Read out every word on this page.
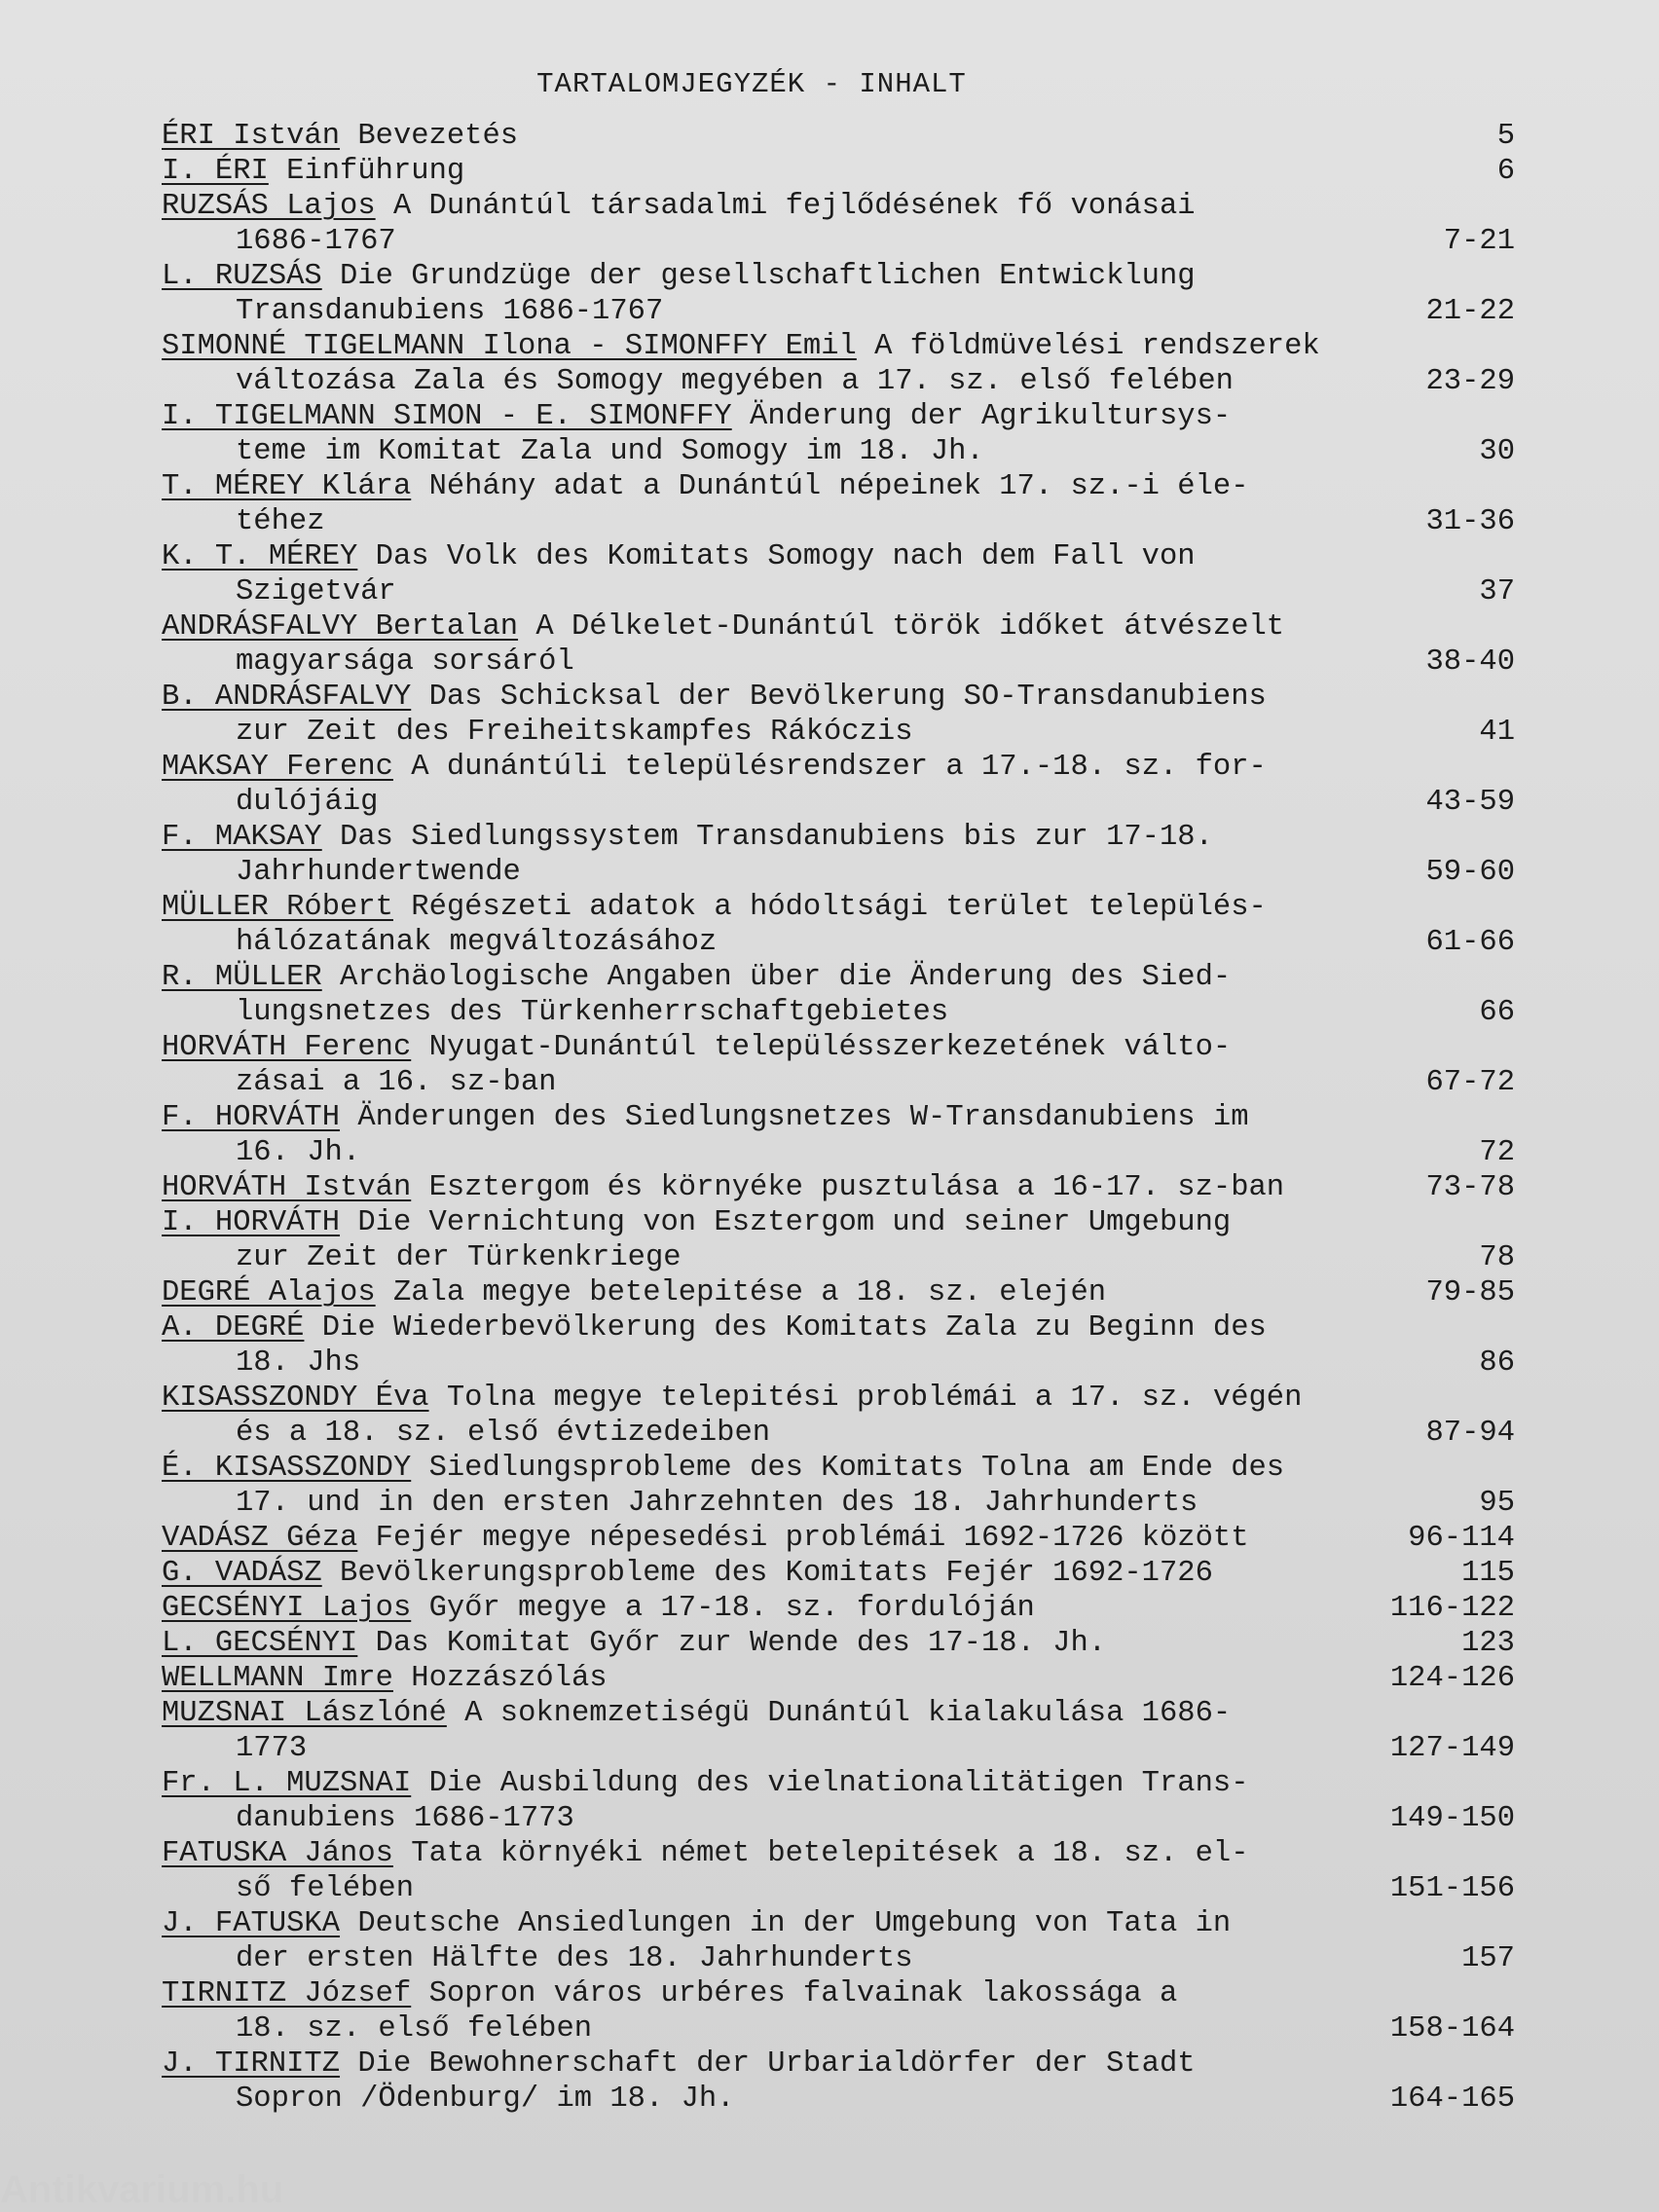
TARTALOMJEGYZÉK - INHALT
ÉRI István Bevezetés	5
I. ÉRI Einführung	6
RUZSÁS Lajos A Dunántúl társadalmi fejlődésének fő vonásai
1686-1767	7-21
L. RUZSÁS Die Grundzüge der gesellschaftlichen Entwicklung
Transdanubiens 1686-1767	21-22
SIMONNÉ TIGELMANN Ilona - SIMONFFY Emil A földmüvelési rendszerek
változása Zala és Somogy megyében a 17. sz. első felében	23-29
I. TIGELMANN SIMON - E. SIMONFFY Änderung der Agrikultursys-
teme im Komitat Zala und Somogy im 18. Jh.	30
T. MÉREY Klára Néhány adat a Dunántúl népeinek 17. sz.-i éle-
téhez	31-36
K. T. MÉREY Das Volk des Komitats Somogy nach dem Fall von
Szigetvár	37
ANDRÁSFALVY Bertalan A Délkelet-Dunántúl török időket átvészelt
magyarsága sorsáról	38-40
B. ANDRÁSFALVY Das Schicksal der Bevölkerung SO-Transdanubiens
zur Zeit des Freiheitskampfes Rákóczis	41
MAKSAY Ferenc A dunántúli településrendszer a 17.-18. sz. for-
dulójáig	43-59
F. MAKSAY Das Siedlungssystem Transdanubiens bis zur 17-18.
Jahrhundertwende	59-60
MÜLLER Róbert Régészeti adatok a hódoltsági terület település-
hálózatának megváltozásához	61-66
R. MÜLLER Archäologische Angaben über die Änderung des Sied-
lungsnetzes des Türkenherrschaftgebietes	66
HORVÁTH Ferenc Nyugat-Dunántúl településszerkezetének válto-
zásai a 16. sz-ban	67-72
F. HORVÁTH Änderungen des Siedlungsnetzes W-Transdanubiens im
16. Jh.	72
HORVÁTH István Esztergom és környéke pusztulása a 16-17. sz-ban	73-78
I. HORVÁTH Die Vernichtung von Esztergom und seiner Umgebung
zur Zeit der Türkenkriege	78
DEGRÉ Alajos Zala megye betelepitése a 18. sz. elején	79-85
A. DEGRÉ Die Wiederbevölkerung des Komitats Zala zu Beginn des
18. Jhs	86
KISASSZONDY Éva Tolna megye telepitési problémái a 17. sz. végén
és a 18. sz. első évtizedeiben	87-94
É. KISASSZONDY Siedlungsprobleme des Komitats Tolna am Ende des
17. und in den ersten Jahrzehnten des 18. Jahrhunderts	95
VADÁSZ Géza Fejér megye népesedési problémái 1692-1726 között	96-114
G. VADÁSZ Bevölkerungsprobleme des Komitats Fejér 1692-1726	115
GECSÉNYI Lajos Győr megye a 17-18. sz. fordulóján	116-122
L. GECSÉNYI Das Komitat Győr zur Wende des 17-18. Jh.	123
WELLMANN Imre Hozzászólás	124-126
MUZSNAI Lászlóné A soknemzetiségü Dunántúl kialakulása 1686-
1773	127-149
Fr. L. MUZSNAI Die Ausbildung des vielnationalitätigen Trans-
danubiens 1686-1773	149-150
FATUSKA János Tata környéki német betelepitések a 18. sz. el-
ső felében	151-156
J. FATUSKA Deutsche Ansiedlungen in der Umgebung von Tata in
der ersten Hälfte des 18. Jahrhunderts	157
TIRNITZ József Sopron város urbéres falvainak lakossága a
18. sz. első felében	158-164
J. TIRNITZ Die Bewohnerschaft der Urbarialdörfer der Stadt
Sopron /Ödenburg/ im 18. Jh.	164-165
Antikvarium.hu
